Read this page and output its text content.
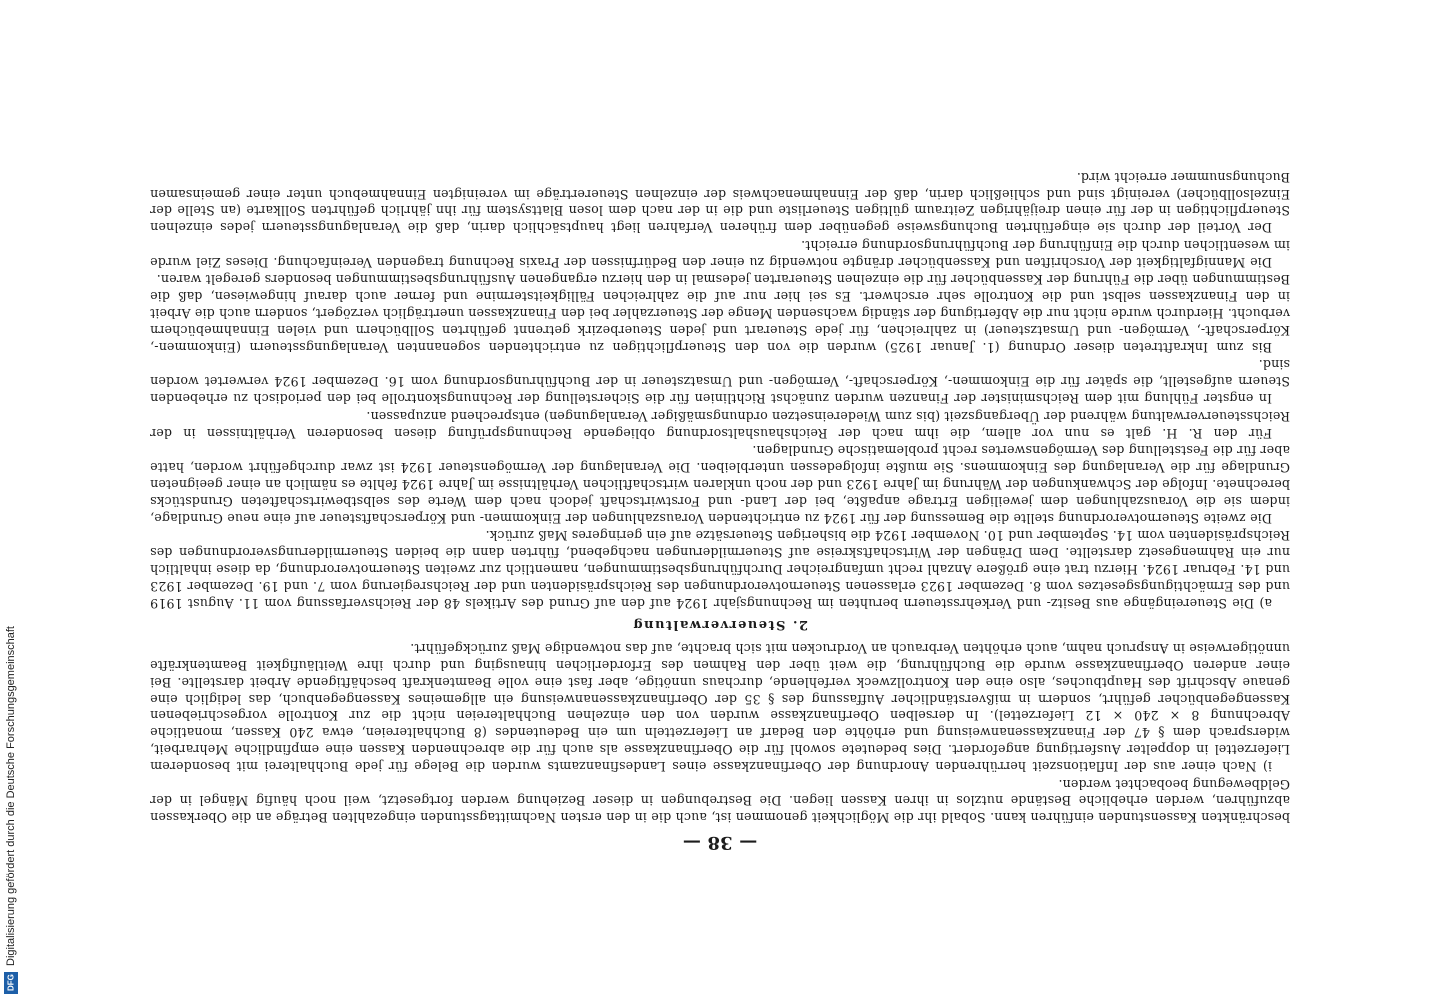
Digitalisierung gefördert durch die Deutsche Forschungsgemeinschaft
DFG
— 38 —

beschränkten Kassenstunden einführen kann. Sobald ihr die Möglichkeit genommen ist, auch die in den ersten Nachmittagsstunden eingezahlten Beträge an die Oberkassen abzuführen, werden erhebliche Bestände nutzlos in ihren Kassen liegen. Die Bestrebungen in dieser Beziehung werden fortgesetzt, weil noch häufig Mängel in der Geldbewegung beobachtet werden.

i) Nach einer aus der Inflationszeit herrührenden Anordnung der Oberfinanzkasse eines Landesfinanzamts wurden die Belege für jede Buchhalterei mit besonderem Lieferzettel in doppelter Ausfertigung angefordert. Dies bedeutete sowohl für die Oberfinanzkasse als auch für die abrechnenden Kassen eine empfindliche Mehrarbeit, widersprach dem § 47 der Finanzkassenanweisung und erhöhte den Bedarf an Lieferzetteln um ein Bedeutendes (8 Buchhaltereien, etwa 240 Kassen, monatliche Abrechnung 8 × 240 × 12 Lieferzettel). In derselben Oberfinanzkasse wurden von den einzelnen Buchhaltereien nicht die zur Kontrolle vorgeschriebenen Kassengegenbücher geführt, sondern in mißverständlicher Auffassung des § 35 der Oberfinanzkassenanweisung ein allgemeines Kassengegenbuch, das lediglich eine genaue Abschrift des Hauptbuches, also eine den Kontrollzweck verfehlende, durchaus unnötige, aber fast eine volle Beamtenkraft beschäftigende Arbeit darstellte. Bei einer anderen Oberfinanzkasse wurde die Buchführung, die weit über den Rahmen des Erforderlichen hinausging und durch ihre Weitläufigkeit Beamtenkräfte unnötigerweise in Anspruch nahm, auch erhöhten Verbrauch an Vordrucken mit sich brachte, auf das notwendige Maß zurückgeführt.

2. Steuerverwaltung

a) Die Steuereingänge aus Besitz- und Verkehrssteuern beruhten im Rechnungsjahr 1924 auf den auf Grund des Artikels 48 der Reichsverfassung vom 11. August 1919 und des Ermächtigungsgesetzes vom 8. Dezember 1923 erlassenen Steuernotverordnungen des Reichspräsidenten und der Reichsregierung vom 7. und 19. Dezember 1923 und 14. Februar 1924. Hierzu trat eine größere Anzahl recht umfangreicher Durchführungsbestimmungen, namentlich zur zweiten Steuernotverordnung, da diese inhaltlich nur ein Rahmengesetz darstellte. Dem Drängen der Wirtschaftskreise auf Steuermilderungen nachgebend, führten dann die beiden Steuermilderungsverordnungen des Reichspräsidenten vom 14. September und 10. November 1924 die bisherigen Steuersätze auf ein geringeres Maß zurück.

Die zweite Steuernotverordnung stellte die Bemessung der für 1924 zu entrichtenden Vorauszahlungen der Einkommen- und Körperschaftsteuer auf eine neue Grundlage, indem sie die Vorauszahlungen dem jeweiligen Ertrage anpaßte, bei der Land- und Forstwirtschaft jedoch nach dem Werte des selbstbewirtschafteten Grundstücks berechnete. Infolge der Schwankungen der Währung im Jahre 1923 und der noch unklaren wirtschaftlichen Verhältnisse im Jahre 1924 fehlte es nämlich an einer geeigneten Grundlage für die Veranlagung des Einkommens. Sie mußte infolgedessen unterbleiben. Die Veranlagung der Vermögensteuer 1924 ist zwar durchgeführt worden, hatte aber für die Feststellung des Vermögenswertes recht problematische Grundlagen.

Für den R. H. galt es nun vor allem, die ihm nach der Reichshaushaltsordnung obliegende Rechnungsprüfung diesen besonderen Verhältnissen in der Reichssteuerverwaltung während der Übergangszeit (bis zum Wiedereinsetzen ordnungsmäßiger Veranlagungen) entsprechend anzupassen.

In engster Fühlung mit dem Reichsminister der Finanzen wurden zunächst Richtlinien für die Sicherstellung der Rechnungskontrolle bei den periodisch zu erhebenden Steuern aufgestellt, die später für die Einkommen-, Körperschaft-, Vermögen- und Umsatzsteuer in der Buchführungsordnung vom 16. Dezember 1924 verwertet worden sind.

Bis zum Inkrafttreten dieser Ordnung (1. Januar 1925) wurden die von den Steuerpflichtigen zu entrichtenden sogenannten Veranlagungssteuern (Einkommen-, Körperschaft-, Vermögen- und Umsatzsteuer) in zahlreichen, für jede Steuerart und jeden Steuerbezirk getrennt geführten Sollbüchern und vielen Einnahmebüchern verbucht. Hierdurch wurde nicht nur die Abfertigung der ständig wachsenden Menge der Steuerzahler bei den Finanzkassen unerträglich verzögert, sondern auch die Arbeit in den Finanzkassen selbst und die Kontrolle sehr erschwert. Es sei hier nur auf die zahlreichen Fälligkeitstermine und ferner auch darauf hingewiesen, daß die Bestimmungen über die Führung der Kassenbücher für die einzelnen Steuerarten jedesmal in den hierzu ergangenen Ausführungsbestimmungen besonders geregelt waren.

Die Mannigfaltigkeit der Vorschriften und Kassenbücher drängte notwendig zu einer den Bedürfnissen der Praxis Rechnung tragenden Vereinfachung. Dieses Ziel wurde im wesentlichen durch die Einführung der Buchführungsordnung erreicht.

Der Vorteil der durch sie eingeführten Buchungsweise gegenüber dem früheren Verfahren liegt hauptsächlich darin, daß die Veranlagungssteuern jedes einzelnen Steuerpflichtigen in der für einen dreijährigen Zeitraum gültigen Steuerliste und die in der nach dem losen Blattsystem für ihn jährlich geführten Sollkarte (an Stelle der Einzelsollbücher) vereinigt sind und schließlich darin, daß der Einnahmenachweis der einzelnen Steuererträge im vereinigten Einnahmebuch unter einer gemeinsamen Buchungsnummer erreicht wird.
